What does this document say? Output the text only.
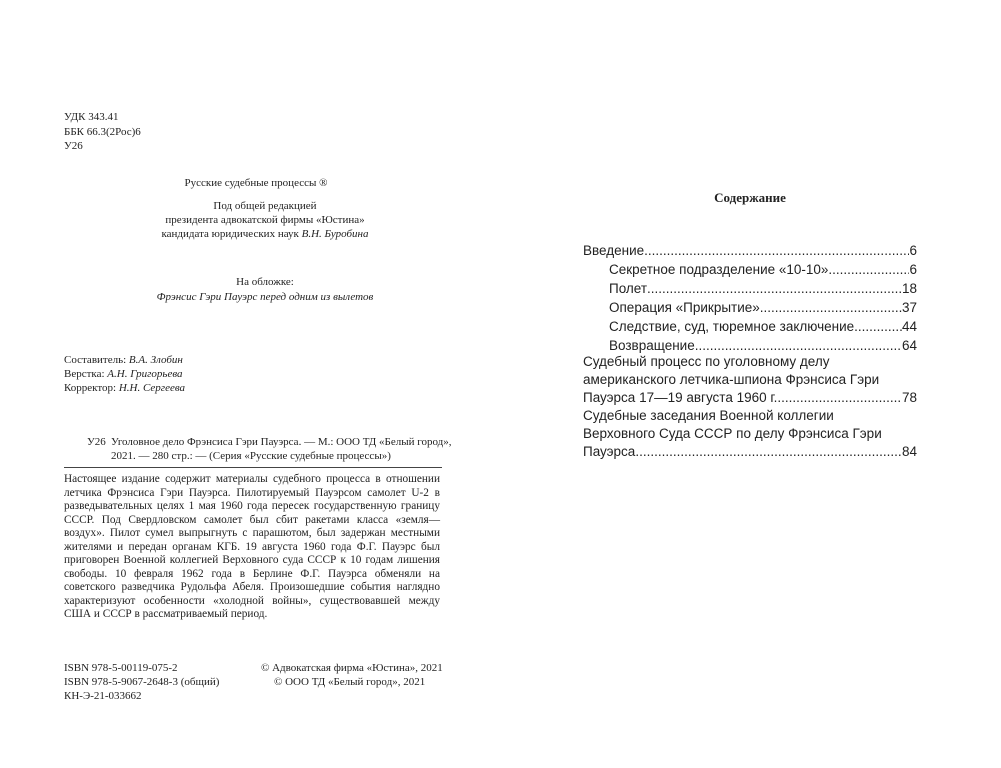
УДК 343.41
ББК 66.3(2Рос)6
У26
Русские судебные процессы ®
Под общей редакцией
президента адвокатской фирмы «Юстина»
кандидата юридических наук В.Н. Буробина
На обложке:
Фрэнсис Гэри Пауэрс перед одним из вылетов
Составитель: В.А. Злобин
Верстка: А.Н. Григорьева
Корректор: Н.Н. Сергеева
У26 Уголовное дело Фрэнсиса Гэри Пауэрса. — М.: ООО ТД «Белый город»,
2021. — 280 стр.: — (Серия «Русские судебные процессы»)
Настоящее издание содержит материалы судебного процесса в отношении летчика Фрэнсиса Гэри Пауэрса. Пилотируемый Пауэрсом самолет U-2 в разведывательных целях 1 мая 1960 года пересек государственную границу СССР. Под Свердловском самолет был сбит ракетами класса «земля—воздух». Пилот сумел выпрыгнуть с парашютом, был задержан местными жителями и передан органам КГБ. 19 августа 1960 года Ф.Г. Пауэрс был приговорен Военной коллегией Верховного суда СССР к 10 годам лишения свободы. 10 февраля 1962 года в Берлине Ф.Г. Пауэрса обменяли на советского разведчика Рудольфа Абеля. Произошедшие события наглядно характеризуют особенности «холодной войны», существовавшей между США и СССР в рассматриваемый период.
ISBN 978-5-00119-075-2
ISBN 978-5-9067-2648-3 (общий)
КН-Э-21-033662
© Адвокатская фирма «Юстина», 2021
© ООО ТД «Белый город», 2021
Содержание
Введение .....	6
Секретное подразделение «10-10» .....	6
Полет .....	18
Операция «Прикрытие» .....	37
Следствие, суд, тюремное заключение .....	44
Возвращение .....	64
Судебный процесс по уголовному делу
американского летчика-шпиона Фрэнсиса Гэри
Пауэрса 17—19 августа 1960 г. .....	78
Судебные заседания Военной коллегии
Верховного Суда СССР по делу Фрэнсиса Гэри
Пауэрса .....	84
